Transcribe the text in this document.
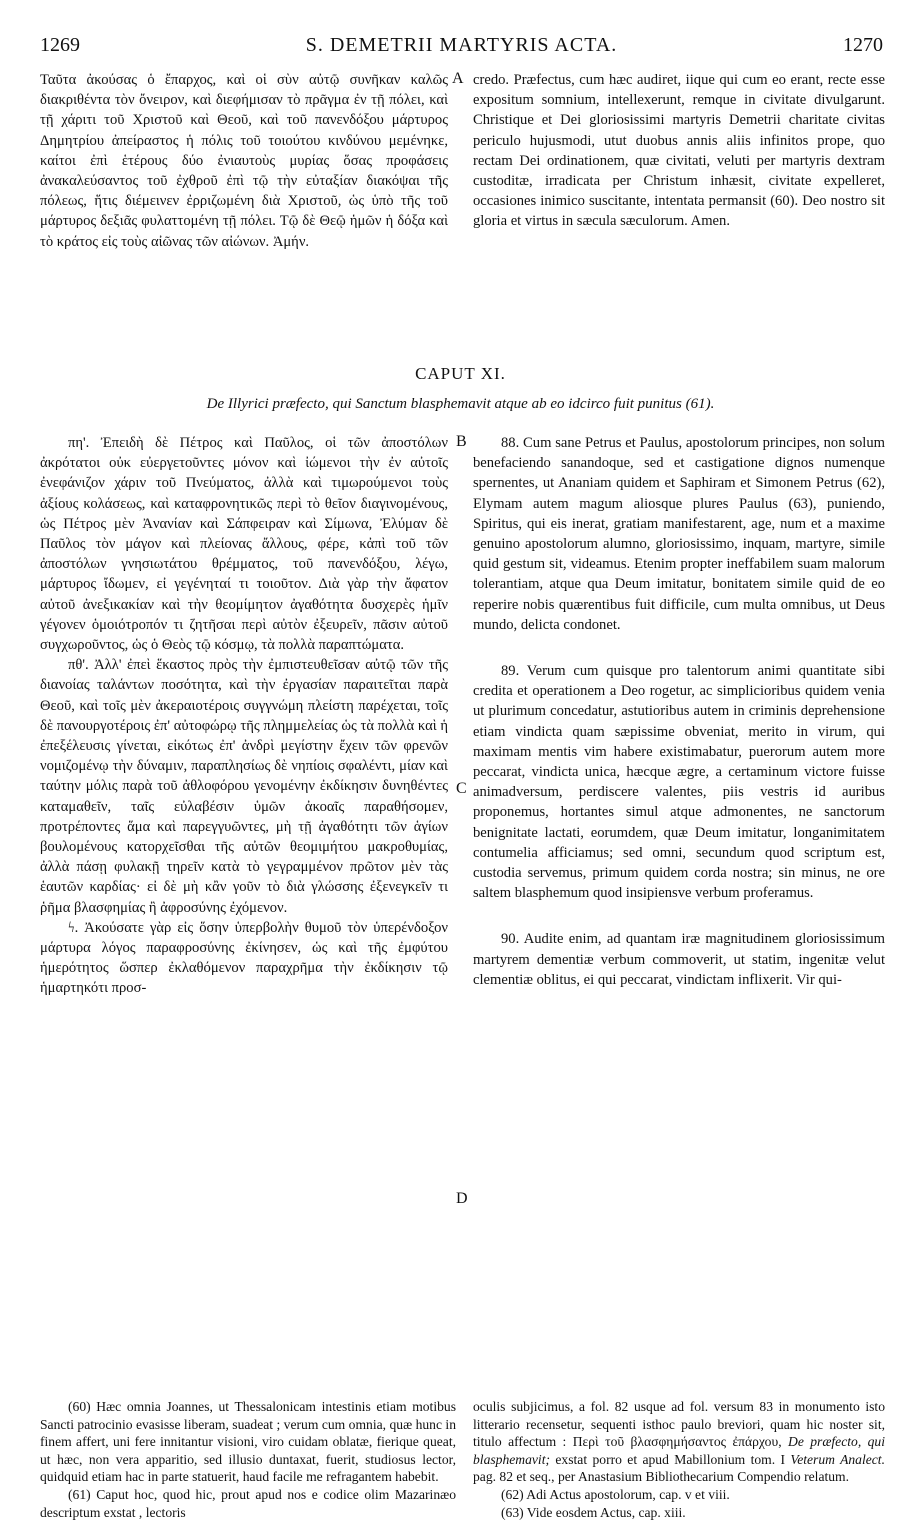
1269	S. DEMETRII MARTYRIS ACTA.	1270

Ταῦτα ἀκούσας ὁ ἔπαρχος, καὶ οἱ σὺν αὐτῷ συνῆκαν καλῶς διακριθέντα τὸν ὄνειρον, καὶ διεφήμισαν τὸ πρᾶγμα ἐν τῇ πόλει, καὶ τῇ χάριτι τοῦ Χριστοῦ καὶ Θεοῦ, καὶ τοῦ πανενδόξου μάρτυρος Δημητρίου ἀπείραστος ἡ πόλις τοῦ τοιούτου κινδύνου μεμένηκε, καίτοι ἐπὶ ἑτέρους δύο ἐνιαυτοὺς μυρίας ὅσας προφάσεις ἀνακαλεύσαντος τοῦ ἐχθροῦ ἐπὶ τῷ τὴν εὐταξίαν διακόψαι τῆς πόλεως, ἥτις διέμεινεν ἐρριζωμένη διὰ Χριστοῦ, ὡς ὑπὸ τῆς τοῦ μάρτυρος δεξιᾶς φυλαττομένη τῇ πόλει. Τῷ δὲ Θεῷ ἡμῶν ἡ δόξα καὶ τὸ κράτος εἰς τοὺς αἰῶνας τῶν αἰώνων. Ἀμήν.

A credo. Præfectus, cum hæc audiret, iique qui cum eo erant, recte esse expositum somnium, intellexerunt, remque in civitate divulgarunt. Christique et Dei gloriosissimi martyris Demetrii charitate civitas periculo hujusmodi, utut duobus annis aliis infinitos prope, quo rectam Dei ordinationem, quæ civitati, veluti per martyris dextram custoditæ, irradicata per Christum inhæsit, civitate expelleret, occasiones inimico suscitante, intentata permansit (60). Deo nostro sit gloria et virtus in sæcula sæculorum. Amen.

CAPUT XI.
De Illyrici præfecto, qui Sanctum blasphemavit atque ab eo idcirco fuit punitus (61).

πη'. Ἐπειδὴ δὲ Πέτρος καὶ Παῦλος, οἱ τῶν ἀποστόλων ἀκρότατοι οὐκ εὐεργετοῦντες μόνον καὶ ἰώμενοι τὴν ἐν αὐτοῖς ἐνεφάνιζον χάριν τοῦ Πνεύματος, ἀλλὰ καὶ τιμωρούμενοι τοὺς ἀξίους κολάσεως, καὶ καταφρονητικῶς περὶ τὸ θεῖον διαγινομένους, ὡς Πέτρος μὲν Ἀνανίαν καὶ Σάπφειραν καὶ Σίμωνα, Ἐλύμαν δὲ Παῦλος τὸν μάγον καὶ πλείονας ἄλλους, φέρε, κἀπὶ τοῦ τῶν ἀποστόλων γνησιωτάτου θρέμματος, τοῦ πανενδόξου, λέγω, μάρτυρος ἴδωμεν, εἰ γεγένηταί τι τοιοῦτον. Διὰ γὰρ τὴν ἄφατον αὐτοῦ ἀνεξικακίαν καὶ τὴν θεομίμητον ἀγαθότητα δυσχερὲς ἡμῖν γέγονεν ὁμοιότροπόν τι ζητῆσαι περὶ αὐτὸν ἐξευρεῖν, πᾶσιν αὐτοῦ συγχωροῦντος, ὡς ὁ Θεὸς τῷ κόσμῳ, τὰ πολλὰ παραπτώματα.

πθ'. Ἀλλ' ἐπεὶ ἕκαστος πρὸς τὴν ἐμπιστευθεῖσαν αὐτῷ τῶν τῆς διανοίας ταλάντων ποσότητα, καὶ τὴν ἐργασίαν παραιτεῖται παρὰ Θεοῦ, καὶ τοῖς μὲν ἀκεραιοτέροις συγγνώμη πλείστη παρέχεται, τοῖς δὲ πανουργοτέροις ἐπ' αὐτοφώρῳ τῆς πλημμελείας ὡς τὰ πολλὰ καὶ ἡ ἐπεξέλευσις γίνεται, εἰκότως ἐπ' ἀνδρὶ μεγίστην ἔχειν τῶν φρενῶν νομιζομένῳ τὴν δύναμιν, παραπλησίως δὲ νηπίοις σφαλέντι, μίαν καὶ ταύτην μόλις παρὰ τοῦ ἀθλοφόρου γενομένην ἐκδίκησιν δυνηθέντες καταμαθεῖν, ταῖς εὐλαβέσιν ὑμῶν ἀκοαῖς παραθήσομεν, προτρέποντες ἅμα καὶ παρεγγυῶντες, μὴ τῇ ἀγαθότητι τῶν ἁγίων βουλομένους κατορχεῖσθαι τῆς αὐτῶν θεομιμήτου μακροθυμίας, ἀλλὰ πάσῃ φυλακῇ τηρεῖν κατὰ τὸ γεγραμμένον πρῶτον μὲν τὰς ἑαυτῶν καρδίας· εἰ δὲ μὴ κἂν γοῦν τὸ διὰ γλώσσης ἐξενεγκεῖν τι ῥῆμα βλασφημίας ἢ ἀφροσύνης ἐχόμενον.

ϟ. Ἀκούσατε γὰρ εἰς ὅσην ὑπερβολὴν θυμοῦ τὸν ὑπερένδοξον μάρτυρα λόγος παραφροσύνης ἐκίνησεν, ὡς καὶ τῆς ἐμφύτου ἡμερότητος ὥσπερ ἐκλαθόμενον παραχρῆμα τὴν ἐκδίκησιν τῷ ἡμαρτηκότι προσ-

B
C
D

88. Cum sane Petrus et Paulus, apostolorum principes, non solum benefaciendo sanandoque, sed et castigatione dignos numenque spernentes, ut Ananiam quidem et Saphiram et Simonem Petrus (62), Elymam autem magum aliosque plures Paulus (63), puniendo, Spiritus, qui eis inerat, gratiam manifestarent, age, num et a maxime genuino apostolorum alumno, gloriosissimo, inquam, martyre, simile quid gestum sit, videamus. Etenim propter ineffabilem suam malorum tolerantiam, atque qua Deum imitatur, bonitatem simile quid de eo reperire nobis quærentibus fuit difficile, cum multa omnibus, ut Deus mundo, delicta condonet.

89. Verum cum quisque pro talentorum animi quantitate sibi credita et operationem a Deo rogetur, ac simplicioribus quidem venia ut plurimum concedatur, astutioribus autem in criminis deprehensione etiam vindicta quam sæpissime obveniat, merito in virum, qui maximam mentis vim habere existimabatur, puerorum autem more peccarat, vindicta unica, hæcque ægre, a certaminum victore fuisse animadversum, perdiscere valentes, piis vestris id auribus proponemus, hortantes simul atque admonentes, ne sanctorum benignitate lactati, eorumdem, quæ Deum imitatur, longanimitatem contumelia afficiamus; sed omni, secundum quod scriptum est, custodia servemus, primum quidem corda nostra; sin minus, ne ore saltem blasphemum quod insipiensve verbum proferamus.

90. Audite enim, ad quantam iræ magnitudinem gloriosissimum martyrem dementiæ verbum commoverit, ut statim, ingenitæ velut clementiæ oblitus, ei qui peccarat, vindictam inflixerit. Vir qui-

(60) Hæc omnia Joannes, ut Thessalonicam intestinis etiam motibus Sancti patrocinio evasisse liberam, suadeat ; verum cum omnia, quæ hunc in finem affert, uni fere innitantur visioni, viro cuidam oblatæ, fierique queat, ut hæc, non vera apparitio, sed illusio duntaxat, fuerit, studiosus lector, quidquid etiam hac in parte statuerit, haud facile me refragantem habebit.

(61) Caput hoc, quod hic, prout apud nos e codice olim Mazarinæo descriptum exstat , lectoris

oculis subjicimus, a fol. 82 usque ad fol. versum 83 in monumento isto litterario recensetur, sequenti isthoc paulo breviori, quam hic noster sit, titulo affectum : Περὶ τοῦ βλασφημήσαντος ἐπάρχου, De præfecto, qui blasphemavit; exstat porro et apud Mabillonium tom. I Veterum Analect. pag. 82 et seq., per Anastasium Bibliothecarium Compendio relatum.

(62) Adi Actus apostolorum, cap. v et viii.

(63) Vide eosdem Actus, cap. xiii.
